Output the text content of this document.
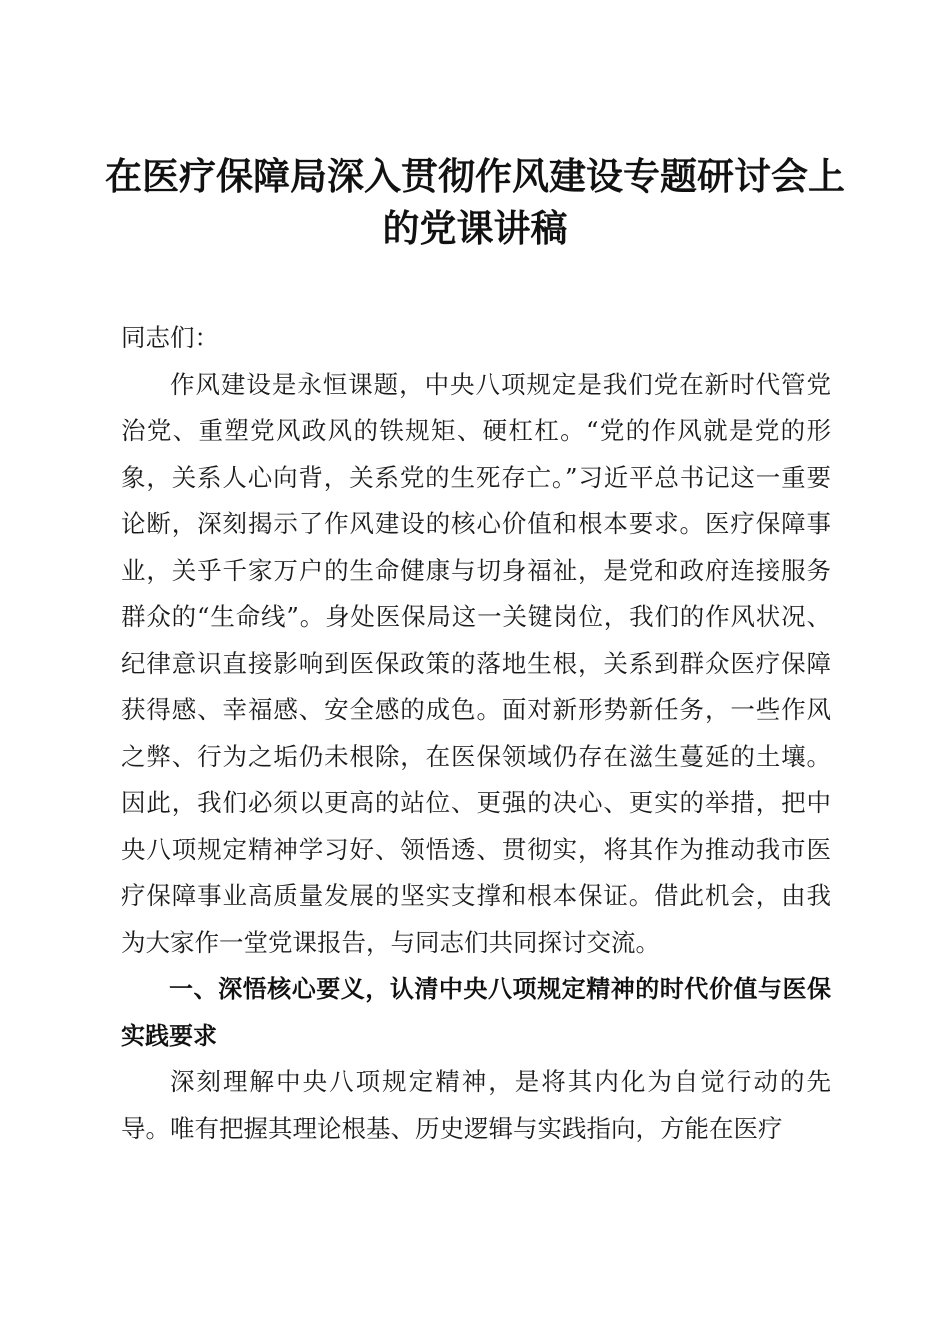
在医疗保障局深入贯彻作风建设专题研讨会上的党课讲稿

同志们：

作风建设是永恒课题，中央八项规定是我们党在新时代管党治党、重塑党风政风的铁规矩、硬杠杠。“党的作风就是党的形象，关系人心向背，关系党的生死存亡。”习近平总书记这一重要论断，深刻揭示了作风建设的核心价值和根本要求。医疗保障事业，关乎千家万户的生命健康与切身福祉，是党和政府连接服务群众的“生命线”。身处医保局这一关键岗位，我们的作风状况、纪律意识直接影响到医保政策的落地生根，关系到群众医疗保障获得感、幸福感、安全感的成色。面对新形势新任务，一些作风之弊、行为之垢仍未根除，在医保领域仍存在滋生蔓延的土壤。因此，我们必须以更高的站位、更强的决心、更实的举措，把中央八项规定精神学习好、领悟透、贯彻实，将其作为推动我市医疗保障事业高质量发展的坚实支撑和根本保证。借此机会，由我为大家作一堂党课报告，与同志们共同探讨交流。

一、深悟核心要义，认清中央八项规定精神的时代价值与医保实践要求

深刻理解中央八项规定精神，是将其内化为自觉行动的先导。唯有把握其理论根基、历史逻辑与实践指向，方能在医疗
